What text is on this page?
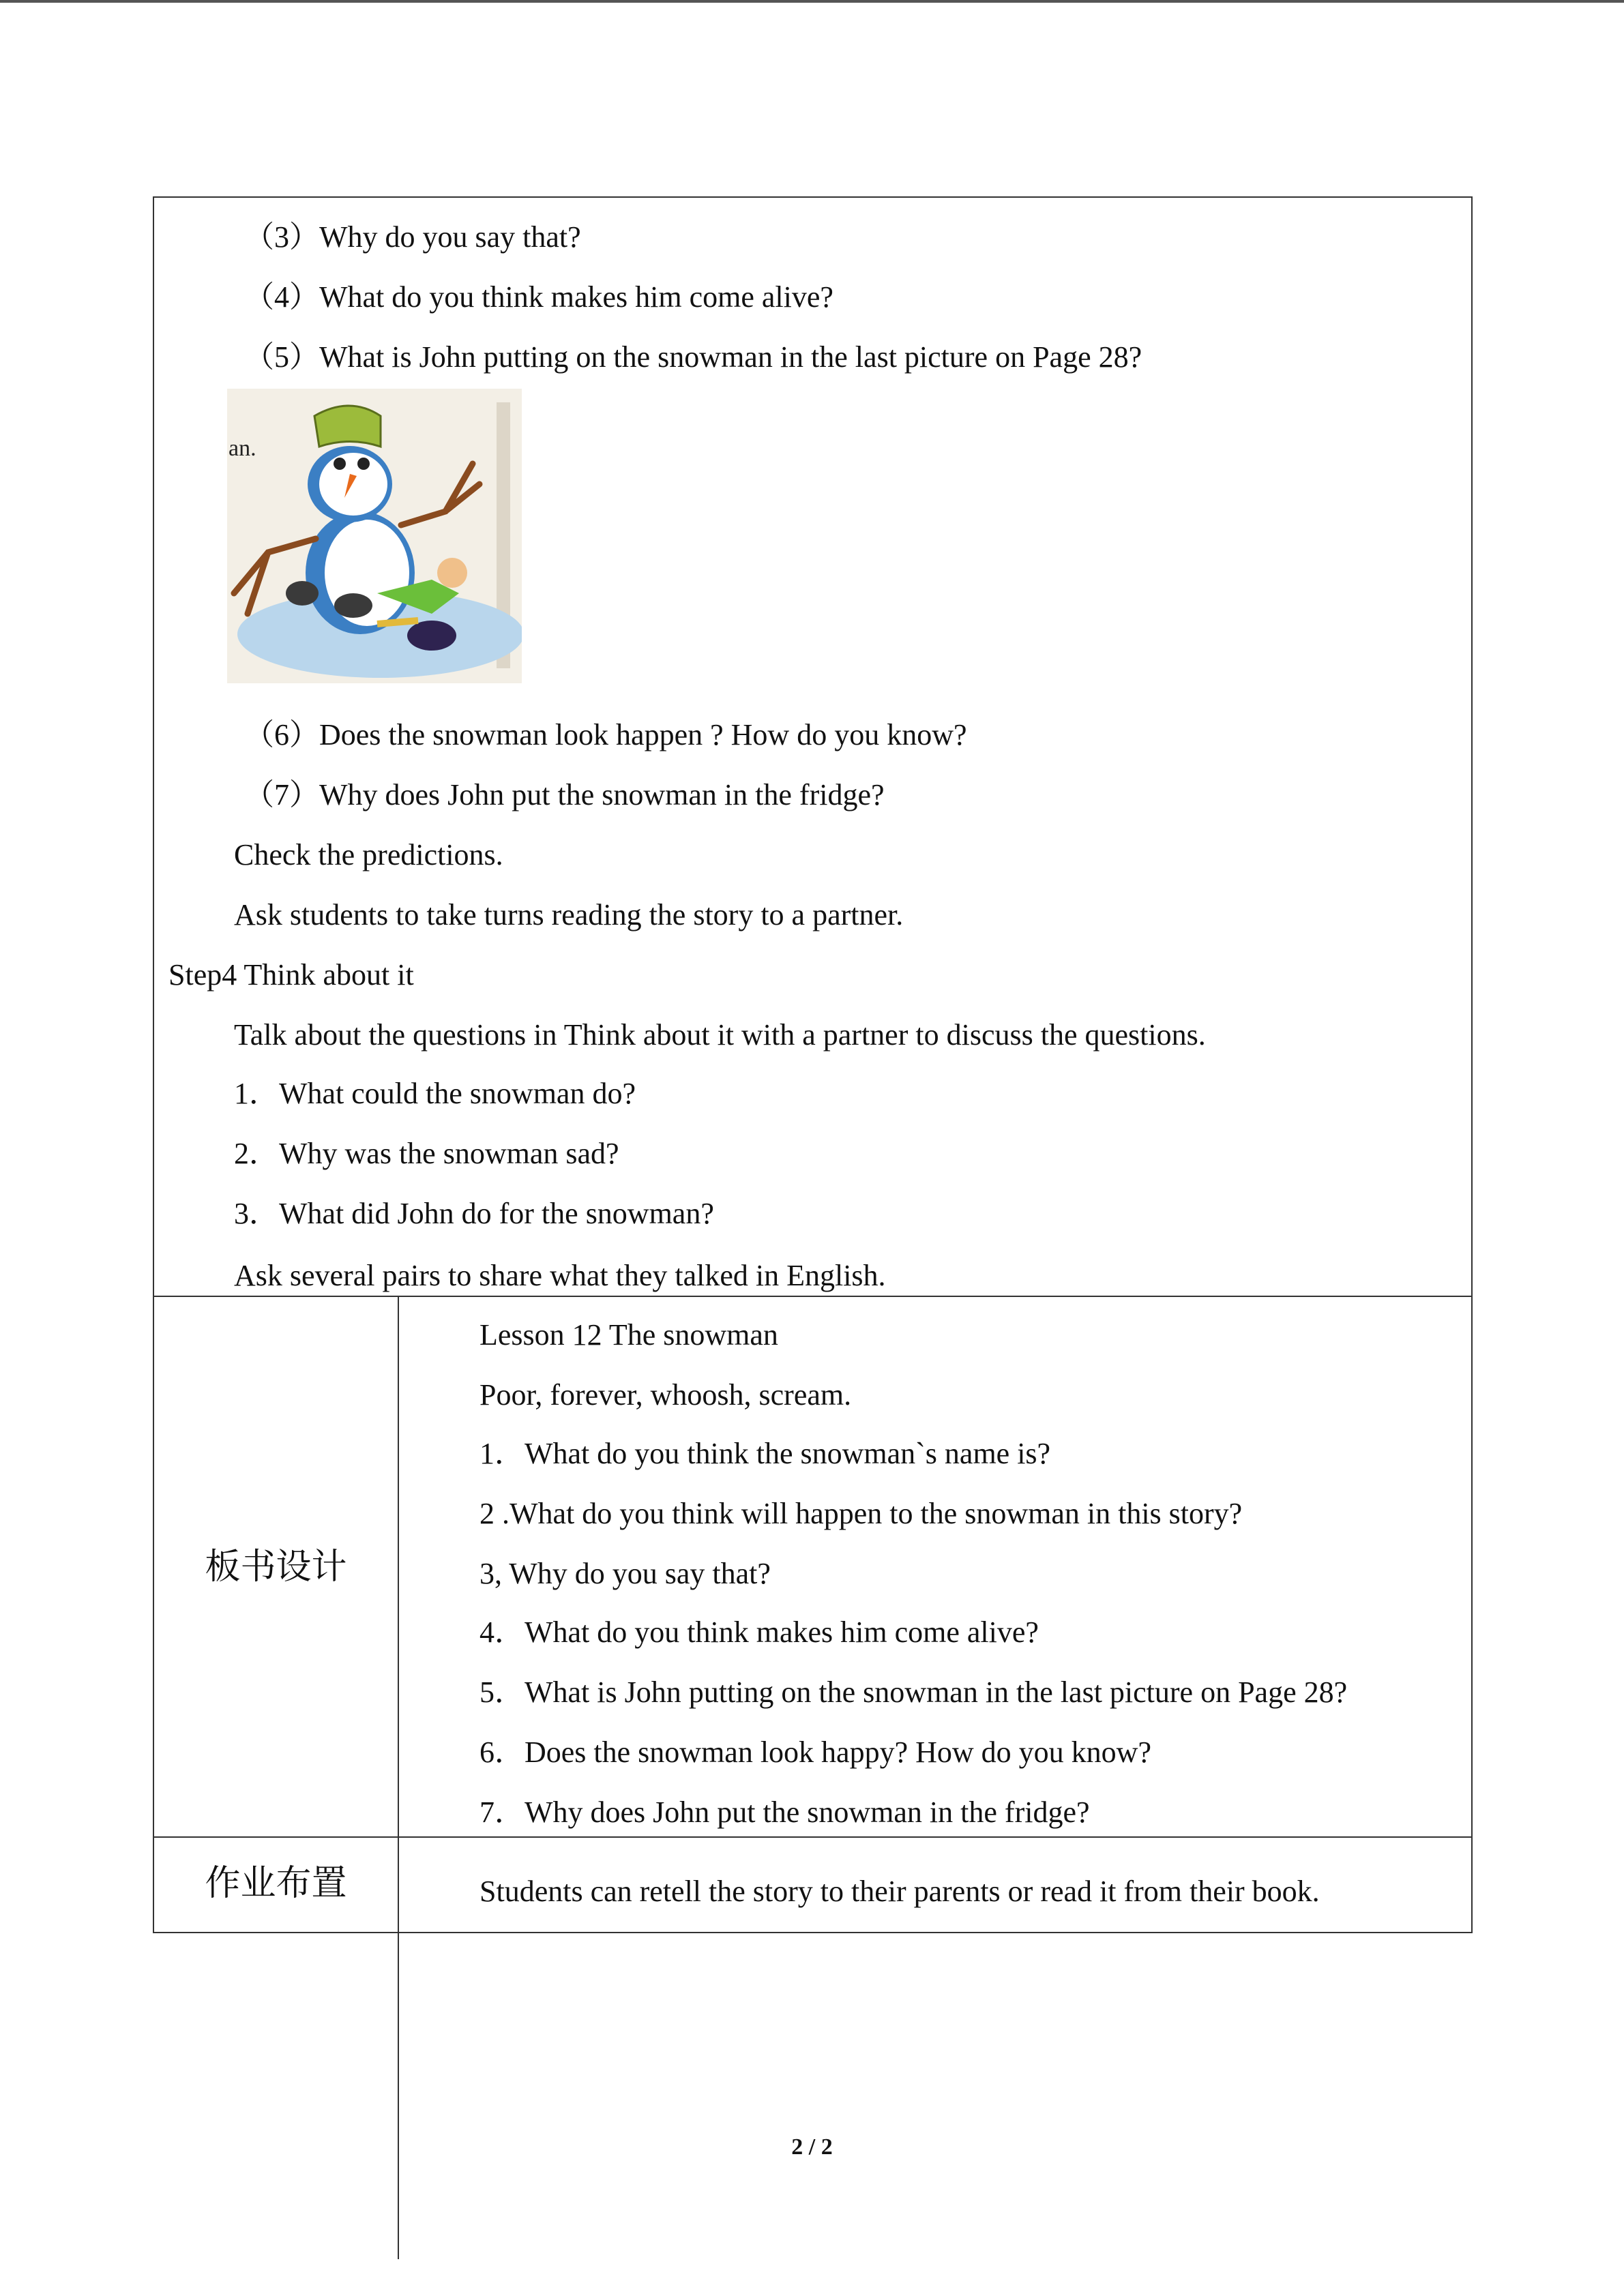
（3）Why do you say that?
（4）What do you think makes him come alive?
（5）What is John putting on the snowman in the last picture on Page 28?
an.
（6）Does the snowman look happen ? How do you know?
（7）Why does John put the snowman in the fridge?
Check the predictions.
Ask students to take turns reading the story to a partner.
Step4 Think about it
Talk about the questions in Think about it with a partner to discuss the questions.
1．What could the snowman do?
2．Why was the snowman sad?
3．What did John do for the snowman?
Ask several pairs to share what they talked in English.
板书设计
Lesson 12 The snowman
Poor, forever, whoosh, scream.
1．What do you think the snowman`s name is?
2 .What do you think will happen to the snowman in this story?
3, Why do you say that?
4．What do you think makes him come alive?
5．What is John putting on the snowman in the last picture on Page 28?
6．Does the snowman look happy? How do you know?
7．Why does John put the snowman in the fridge?
作业布置	Students can retell the story to their parents or read it from their book.
2 / 2
